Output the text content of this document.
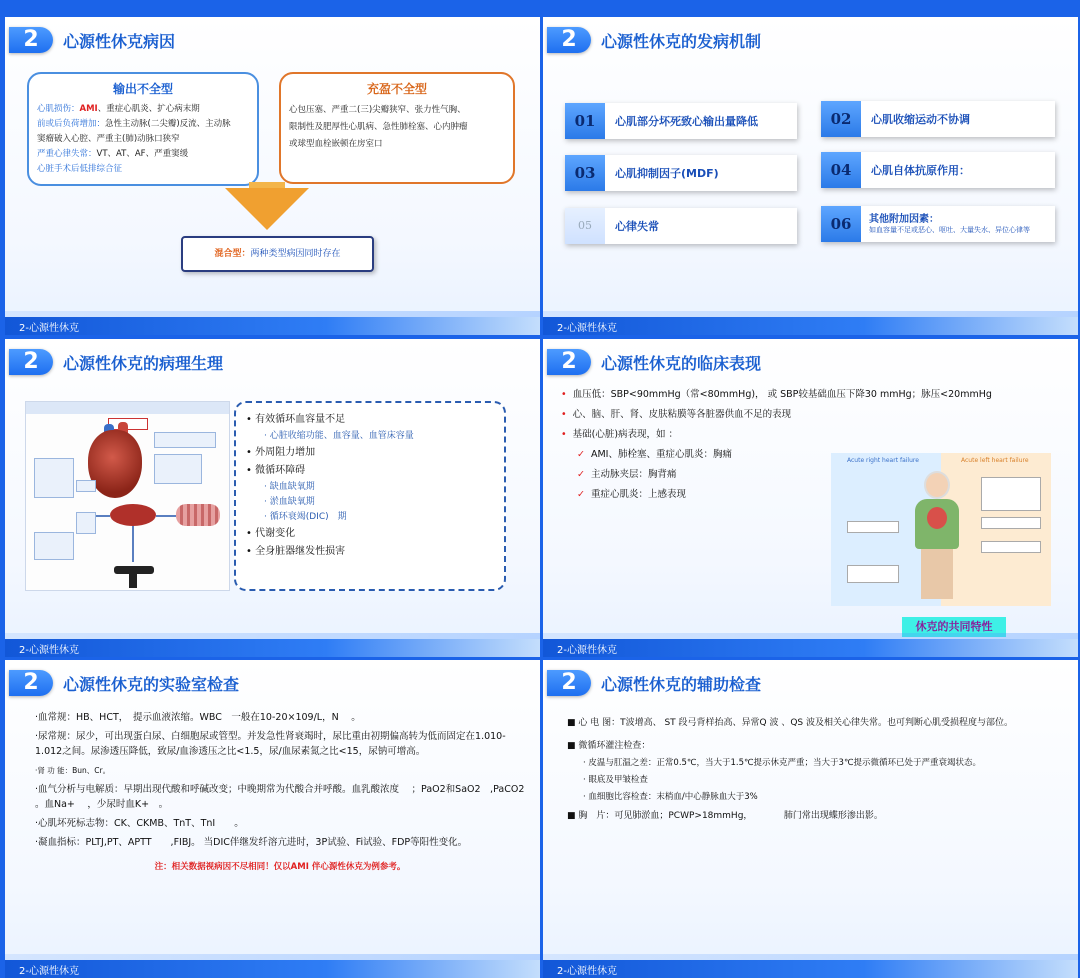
2	心源性休克病因
输出不全型
心肌损伤：AMI、重症心肌炎、扩心病末期
前或后负荷增加：急性主动脉(二尖瓣)反流、主动脉
窦瘤破入心腔、严重主(肺)动脉口狭窄
严重心律失常：VT、AT、AF、严重窦缓
心脏手术后低排综合征
充盈不全型
心包压塞、严重二(三)尖瓣狭窄、张力性气胸、
限制性及肥厚性心肌病、急性肺栓塞、心内肿瘤
或球型血栓嵌顿在房室口
混合型：两种类型病因同时存在
2-心源性休克
2	心源性休克的发病机制
01	心肌部分坏死致心输出量降低	02	心肌收缩运动不协调
03	心肌抑制因子(MDF)	04	心肌自体抗原作用：
05	心律失常	06	其他附加因素：
如血容量不足或恶心、呕吐、大量失水、异位心律等
2-心源性休克
2	心源性休克的病理生理
• 有效循环血容量不足
· 心脏收缩功能、血容量、血管床容量
• 外周阻力增加
• 微循环障碍
· 缺血缺氧期
· 淤血缺氧期
· 循环衰竭(DIC)　期
• 代谢变化
• 全身脏器继发性损害
2-心源性休克
2	心源性休克的临床表现
• 血压低：SBP<90mmHg（常<80mmHg)， 或 SBP较基础血压下降30 mmHg；脉压<20mmHg
• 心、脑、肝、肾、皮肤粘膜等各脏器供血不足的表现
• 基础(心脏)病表现，如 ：
✓ AMI、肺栓塞、重症心肌炎：胸痛
✓ 主动脉夹层：胸背痛
✓ 重症心肌炎：上感表现
Acute right heart failure	Acute left heart failure
休克的共同特性
2-心源性休克
2	心源性休克的实验室检查
·血常规：HB、HCT，　提示血液浓缩。WBC　一般在10-20×109/L，N　 。
·尿常规：尿少，可出现蛋白尿、白细胞尿或管型。并发急性肾衰竭时，尿比重由初期偏高转为低而固定在1.010-1.012之间。尿渗透压降低，致尿/血渗透压之比<1.5，尿/血尿素氮之比<15，尿钠可增高。
·肾 功 能：Bun、Cr。
·血气分析与电解质：早期出现代酸和呼碱改变；中晚期常为代酸合并呼酸。血乳酸浓度　 ；PaO2和SaO2　,PaCO2　 。血Na+　 ，少尿时血K+　。
·心肌坏死标志物：CK、CKMB、TnT、TnI　　。
·凝血指标：PLTJ,PT、APTT　　,FIBJ。 当DIC伴继发纤溶亢进时，3P试验、Fi试验、FDP等阳性变化。
注：相关数据视病因不尽相同！仅以AMI 伴心源性休克为例参考。
2-心源性休克
2	心源性休克的辅助检查
■ 心 电 图：T波增高、 ST 段弓背样抬高、异常Q 波 、QS 波及相关心律失常。也可判断心肌受损程度与部位。
■ 微循环灌注检查：
· 皮温与肛温之差：正常0.5℃，当大于1.5℃提示休克严重；当大于3℃提示微循环已处于严重衰竭状态。
· 眼底及甲皱检查
· 血细胞比容检查：末梢血/中心静脉血大于3%
■ 胸　片：可见肺淤血；PCWP>18mmHg，　　　　肺门常出现蝶形渗出影。
2-心源性休克
